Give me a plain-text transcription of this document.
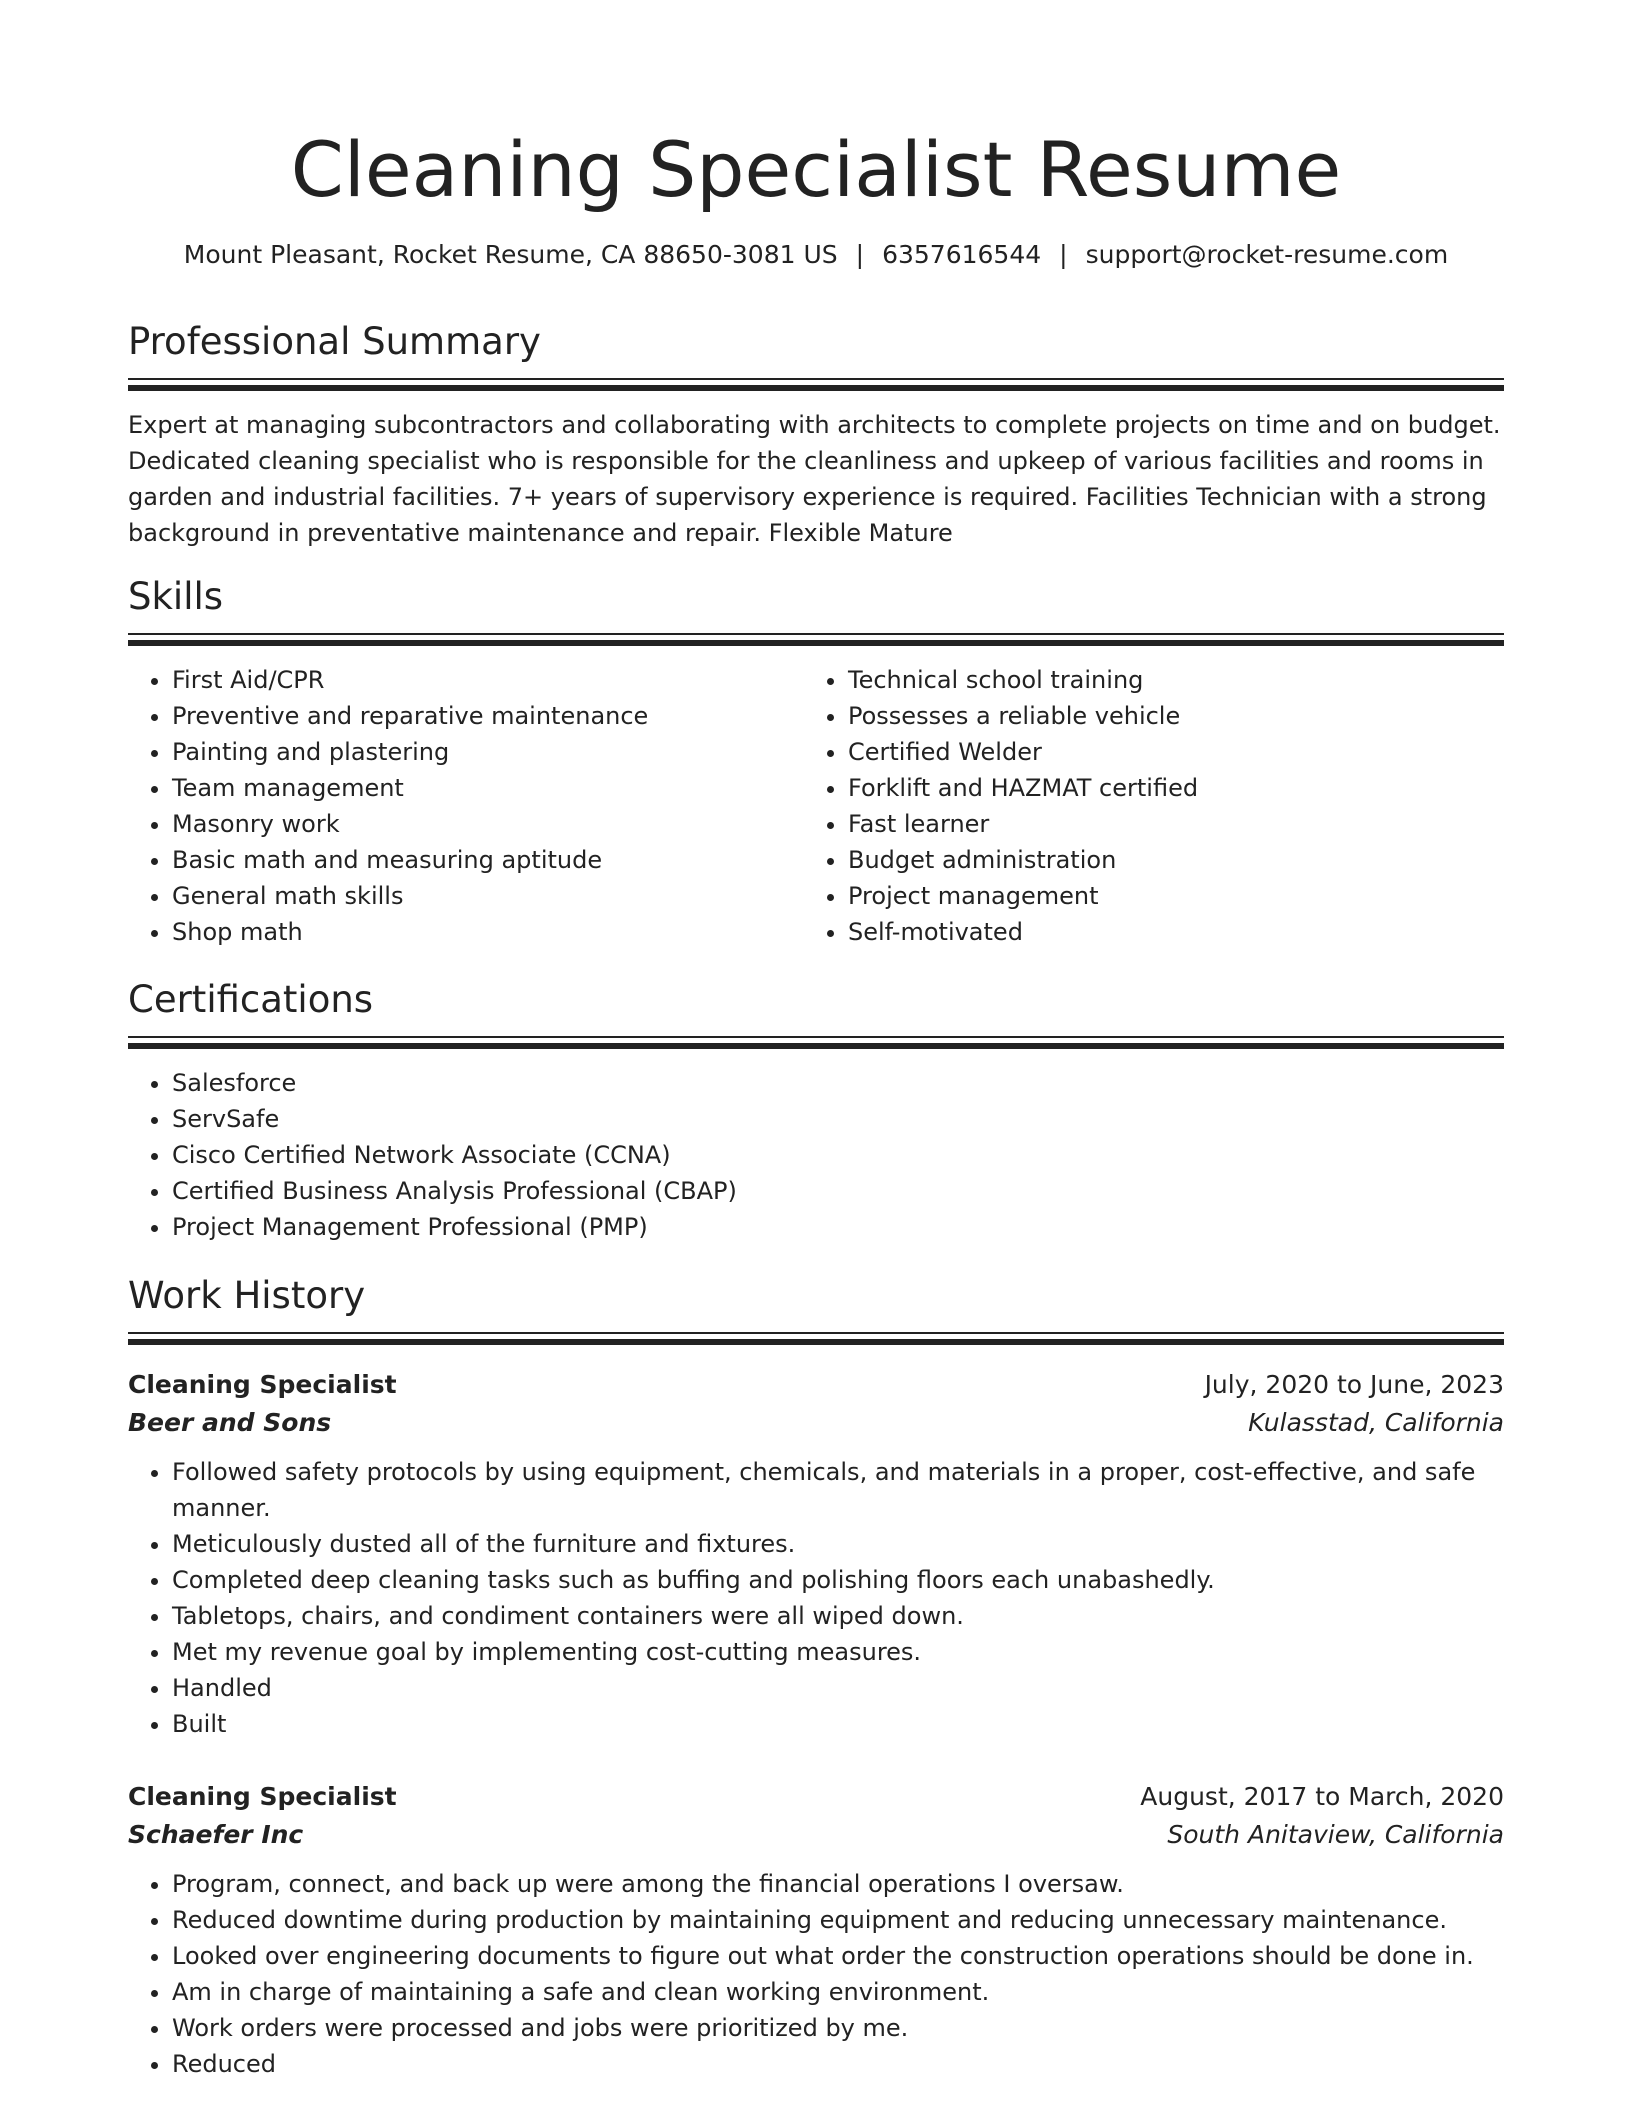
Cleaning Specialist Resume
Mount Pleasant, Rocket Resume, CA 88650-3081 US | 6357616544 | support@rocket-resume.com
Professional Summary

Expert at managing subcontractors and collaborating with architects to complete projects on time and on budget. Dedicated cleaning specialist who is responsible for the cleanliness and upkeep of various facilities and rooms in garden and industrial facilities. 7+ years of supervisory experience is required. Facilities Technician with a strong background in preventative maintenance and repair. Flexible Mature

Skills
• First Aid/CPR
• Preventive and reparative maintenance
• Painting and plastering
• Team management
• Masonry work
• Basic math and measuring aptitude
• General math skills
• Shop math
• Technical school training
• Possesses a reliable vehicle
• Certified Welder
• Forklift and HAZMAT certified
• Fast learner
• Budget administration
• Project management
• Self-motivated
Certifications
• Salesforce
• ServSafe
• Cisco Certified Network Associate (CCNA)
• Certified Business Analysis Professional (CBAP)
• Project Management Professional (PMP)
Work History
Cleaning Specialist	July, 2020 to June, 2023
Beer and Sons	Kulasstad, California
• Followed safety protocols by using equipment, chemicals, and materials in a proper, cost-effective, and safe manner.
• Meticulously dusted all of the furniture and fixtures.
• Completed deep cleaning tasks such as buffing and polishing floors each unabashedly.
• Tabletops, chairs, and condiment containers were all wiped down.
• Met my revenue goal by implementing cost-cutting measures.
• Handled
• Built
Cleaning Specialist	August, 2017 to March, 2020
Schaefer Inc	South Anitaview, California
• Program, connect, and back up were among the financial operations I oversaw.
• Reduced downtime during production by maintaining equipment and reducing unnecessary maintenance.
• Looked over engineering documents to figure out what order the construction operations should be done in.
• Am in charge of maintaining a safe and clean working environment.
• Work orders were processed and jobs were prioritized by me.
• Reduced
